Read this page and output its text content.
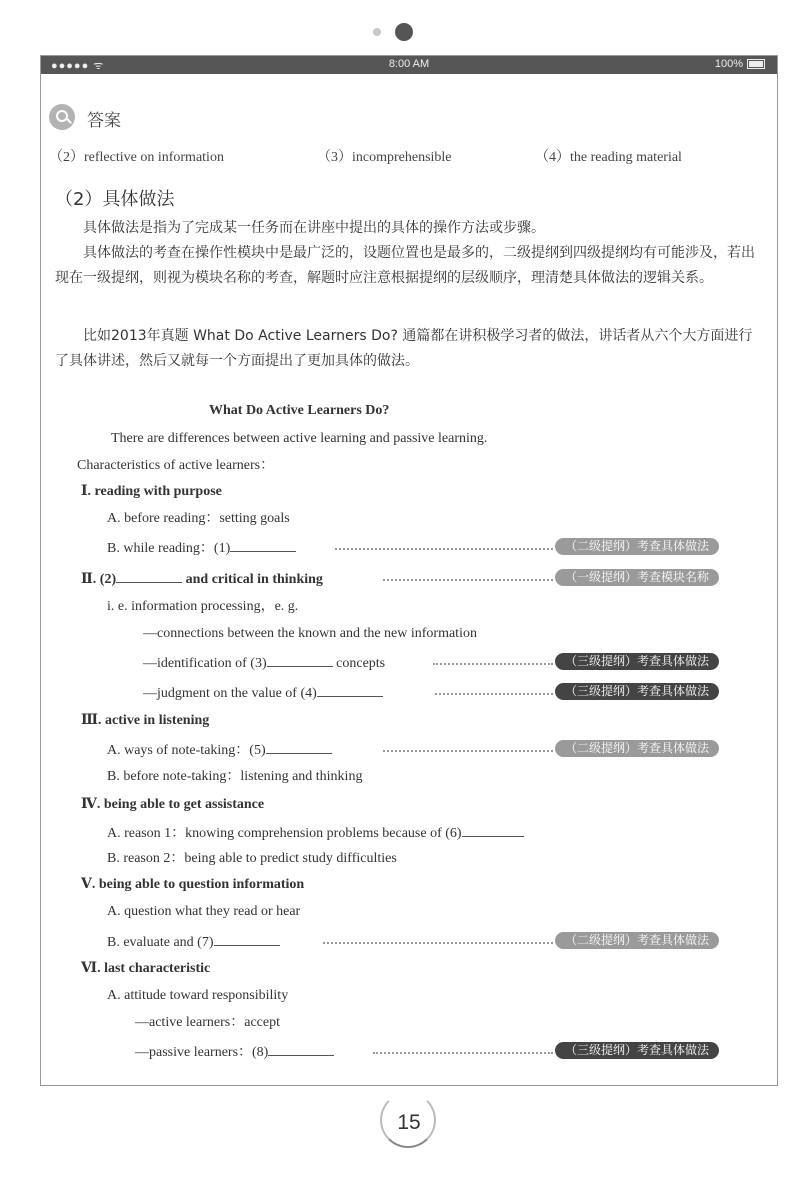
●●●●● ᯤ	8:00 AM	100%
答案
（2）reflective on information	（3）incomprehensible	（4）the reading material
（2）具体做法

具体做法是指为了完成某一任务而在讲座中提出的具体的操作方法或步骤。

具体做法的考查在操作性模块中是最广泛的，设题位置也是最多的，二级提纲到四级提纲均有可能涉及，若出现在一级提纲，则视为模块名称的考查，解题时应注意根据提纲的层级顺序，理清楚具体做法的逻辑关系。

比如2013年真题 What Do Active Learners Do? 通篇都在讲积极学习者的做法，讲话者从六个大方面进行了具体讲述，然后又就每一个方面提出了更加具体的做法。

What Do Active Learners Do?
There are differences between active learning and passive learning.
Characteristics of active learners：
Ⅰ. reading with purpose
A. before reading：setting goals
B. while reading：(1)	（二级提纲）考查具体做法
Ⅱ. (2)	and critical in thinking	（一级提纲）考查模块名称
i. e. information processing，e. g.
—connections between the known and the new information
—identification of (3)	concepts	（三级提纲）考查具体做法
—judgment on the value of (4)	（三级提纲）考查具体做法
Ⅲ. active in listening
A. ways of note-taking：(5)	（二级提纲）考查具体做法
B. before note-taking：listening and thinking
Ⅳ. being able to get assistance
A. reason 1：knowing comprehension problems because of (6)
B. reason 2：being able to predict study difficulties
Ⅴ. being able to question information
A. question what they read or hear
B. evaluate and (7)	（二级提纲）考查具体做法
Ⅵ. last characteristic
A. attitude toward responsibility
—active learners：accept
—passive learners：(8)	（三级提纲）考查具体做法
15
